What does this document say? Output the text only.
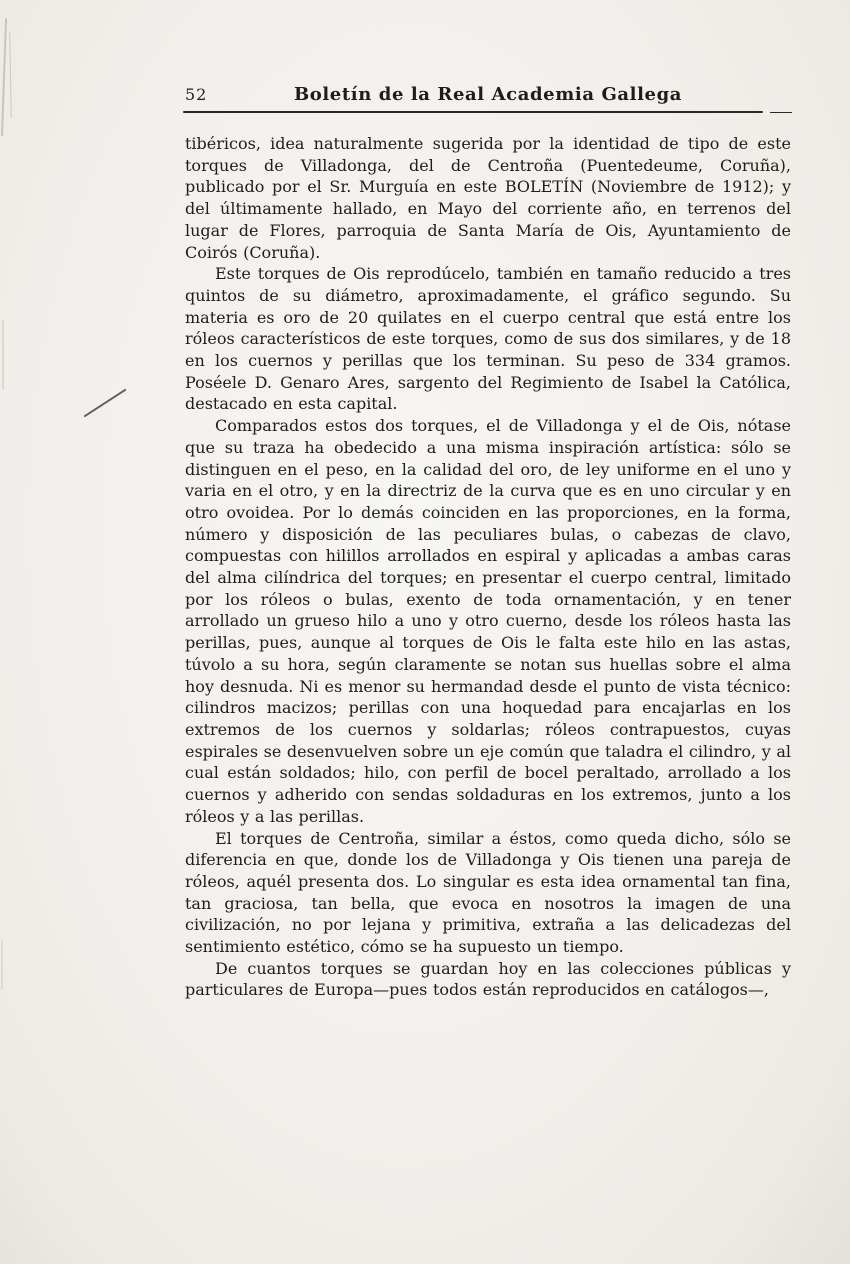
52	Boletín de la Real Academia Gallega

tibéricos, idea naturalmente sugerida por la identidad de tipo de este torques de Villadonga, del de Centroña (Puentedeume, Coruña), publicado por el Sr. Murguía en este BOLETÍN (Noviembre de 1912); y del últimamente hallado, en Mayo del corriente año, en terrenos del lugar de Flores, parroquia de Santa María de Ois, Ayuntamiento de Coirós (Coruña).

Este torques de Ois reprodúcelo, también en tamaño reducido a tres quintos de su diámetro, aproximadamente, el gráfico segundo. Su materia es oro de 20 quilates en el cuerpo central que está entre los róleos característicos de este torques, como de sus dos similares, y de 18 en los cuernos y perillas que los terminan. Su peso de 334 gramos. Poséele D. Genaro Ares, sargento del Regimiento de Isabel la Católica, destacado en esta capital.

Comparados estos dos torques, el de Villadonga y el de Ois, nótase que su traza ha obedecido a una misma inspiración artística: sólo se distinguen en el peso, en la calidad del oro, de ley uniforme en el uno y varia en el otro, y en la directriz de la curva que es en uno circular y en otro ovoidea. Por lo demás coinciden en las proporciones, en la forma, número y disposición de las peculiares bulas, o cabezas de clavo, compuestas con hilillos arrollados en espiral y aplicadas a ambas caras del alma cilíndrica del torques; en presentar el cuerpo central, limitado por los róleos o bulas, exento de toda ornamentación, y en tener arrollado un grueso hilo a uno y otro cuerno, desde los róleos hasta las perillas, pues, aunque al torques de Ois le falta este hilo en las astas, túvolo a su hora, según claramente se notan sus huellas sobre el alma hoy desnuda. Ni es menor su hermandad desde el punto de vista técnico: cilindros macizos; perillas con una hoquedad para encajarlas en los extremos de los cuernos y soldarlas; róleos contrapuestos, cuyas espirales se desenvuelven sobre un eje común que taladra el cilindro, y al cual están soldados; hilo, con perfil de bocel peraltado, arrollado a los cuernos y adherido con sendas soldaduras en los extremos, junto a los róleos y a las perillas.

El torques de Centroña, similar a éstos, como queda dicho, sólo se diferencia en que, donde los de Villadonga y Ois tienen una pareja de róleos, aquél presenta dos. Lo singular es esta idea ornamental tan fina, tan graciosa, tan bella, que evoca en nosotros la imagen de una civilización, no por lejana y primitiva, extraña a las delicadezas del sentimiento estético, cómo se ha supuesto un tiempo.

De cuantos torques se guardan hoy en las colecciones públicas y particulares de Europa—pues todos están reproducidos en catálogos—,
